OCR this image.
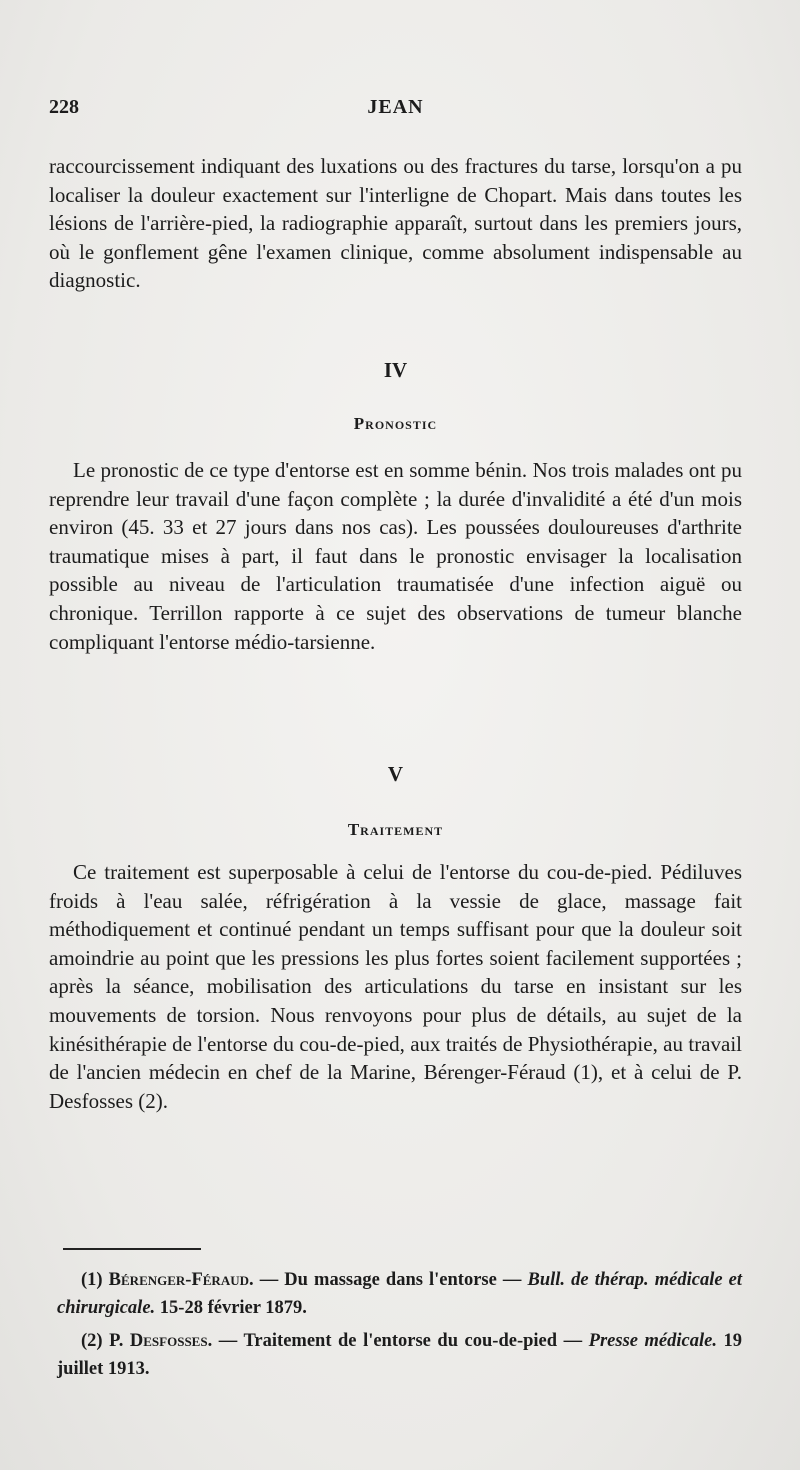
228	JEAN

raccourcissement indiquant des luxations ou des fractures du tarse, lorsqu'on a pu localiser la douleur exactement sur l'interligne de Chopart. Mais dans toutes les lésions de l'arrière-pied, la radiographie apparaît, surtout dans les premiers jours, où le gonflement gêne l'examen clinique, comme absolument indispensable au diagnostic.

IV
Pronostic

Le pronostic de ce type d'entorse est en somme bénin. Nos trois malades ont pu reprendre leur travail d'une façon complète ; la durée d'invalidité a été d'un mois environ (45. 33 et 27 jours dans nos cas). Les poussées douloureuses d'arthrite traumatique mises à part, il faut dans le pronostic envisager la localisation possible au niveau de l'articulation traumatisée d'une infection aiguë ou chronique. Terrillon rapporte à ce sujet des observations de tumeur blanche compliquant l'entorse médio-tarsienne.

V
Traitement

Ce traitement est superposable à celui de l'entorse du cou-de-pied. Pédiluves froids à l'eau salée, réfrigération à la vessie de glace, massage fait méthodiquement et continué pendant un temps suffisant pour que la douleur soit amoindrie au point que les pressions les plus fortes soient facilement supportées ; après la séance, mobilisation des articulations du tarse en insistant sur les mouvements de torsion. Nous renvoyons pour plus de détails, au sujet de la kinésithérapie de l'entorse du cou-de-pied, aux traités de Physiothérapie, au travail de l'ancien médecin en chef de la Marine, Bérenger-Féraud (1), et à celui de P. Desfosses (2).

(1) Bérenger-Féraud. — Du massage dans l'entorse — Bull. de thérap. médicale et chirurgicale. 15-28 février 1879.

(2) P. Desfosses. — Traitement de l'entorse du cou-de-pied — Presse médicale. 19 juillet 1913.
